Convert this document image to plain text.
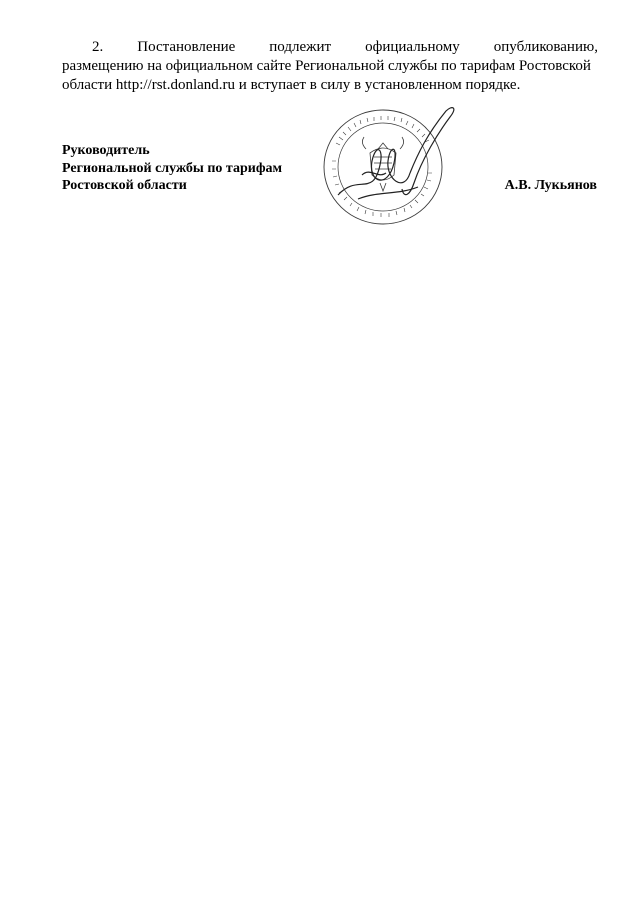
2. Постановление подлежит официальному опубликованию,
размещению на официальном сайте Региональной службы по тарифам Ростовской
области http://rst.donland.ru и вступает в силу в установленном порядке.
Руководитель
Региональной службы по тарифам
Ростовской области	А.В. Лукьянов
